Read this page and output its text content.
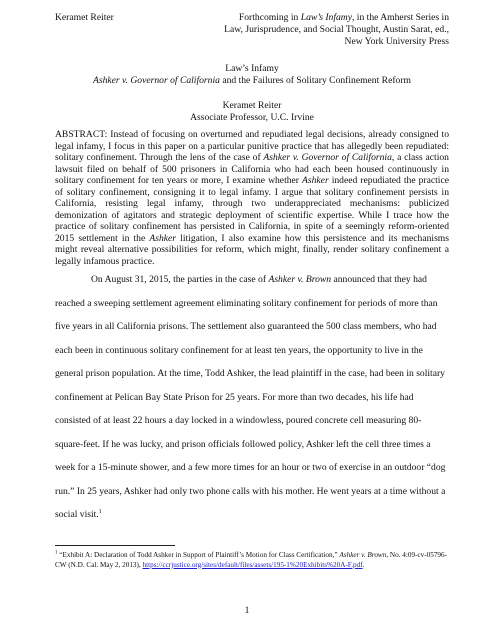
Keramet Reiter	Forthcoming in Law’s Infamy, in the Amherst Series in
Law, Jurisprudence, and Social Thought, Austin Sarat, ed.,
New York University Press

Law’s Infamy

Ashker v. Governor of California and the Failures of Solitary Confinement Reform

Keramet Reiter

Associate Professor, U.C. Irvine

ABSTRACT: Instead of focusing on overturned and repudiated legal decisions, already consigned to legal infamy, I focus in this paper on a particular punitive practice that has allegedly been repudiated: solitary confinement. Through the lens of the case of Ashker v. Governor of California, a class action lawsuit filed on behalf of 500 prisoners in California who had each been housed continuously in solitary confinement for ten years or more, I examine whether Ashker indeed repudiated the practice of solitary confinement, consigning it to legal infamy. I argue that solitary confinement persists in California, resisting legal infamy, through two underappreciated mechanisms: publicized demonization of agitators and strategic deployment of scientific expertise. While I trace how the practice of solitary confinement has persisted in California, in spite of a seemingly reform-oriented 2015 settlement in the Ashker litigation, I also examine how this persistence and its mechanisms might reveal alternative possibilities for reform, which might, finally, render solitary confinement a legally infamous practice.

On August 31, 2015, the parties in the case of Ashker v. Brown announced that they had reached a sweeping settlement agreement eliminating solitary confinement for periods of more than five years in all California prisons. The settlement also guaranteed the 500 class members, who had each been in continuous solitary confinement for at least ten years, the opportunity to live in the general prison population. At the time, Todd Ashker, the lead plaintiff in the case, had been in solitary confinement at Pelican Bay State Prison for 25 years. For more than two decades, his life had consisted of at least 22 hours a day locked in a windowless, poured concrete cell measuring 80-square-feet. If he was lucky, and prison officials followed policy, Ashker left the cell three times a week for a 15-minute shower, and a few more times for an hour or two of exercise in an outdoor “dog run.” In 25 years, Ashker had only two phone calls with his mother. He went years at a time without a social visit.$^1$

$^1$ “Exhibit A: Declaration of Todd Ashker in Support of Plaintiff’s Motion for Class Certification,” Ashker v. Brown, No. 4:09-cv-05796-CW (N.D. Cal. May 2, 2013), https://ccrjustice.org/sites/default/files/assets/195-1%20Exhibits%20A-F.pdf.

1
